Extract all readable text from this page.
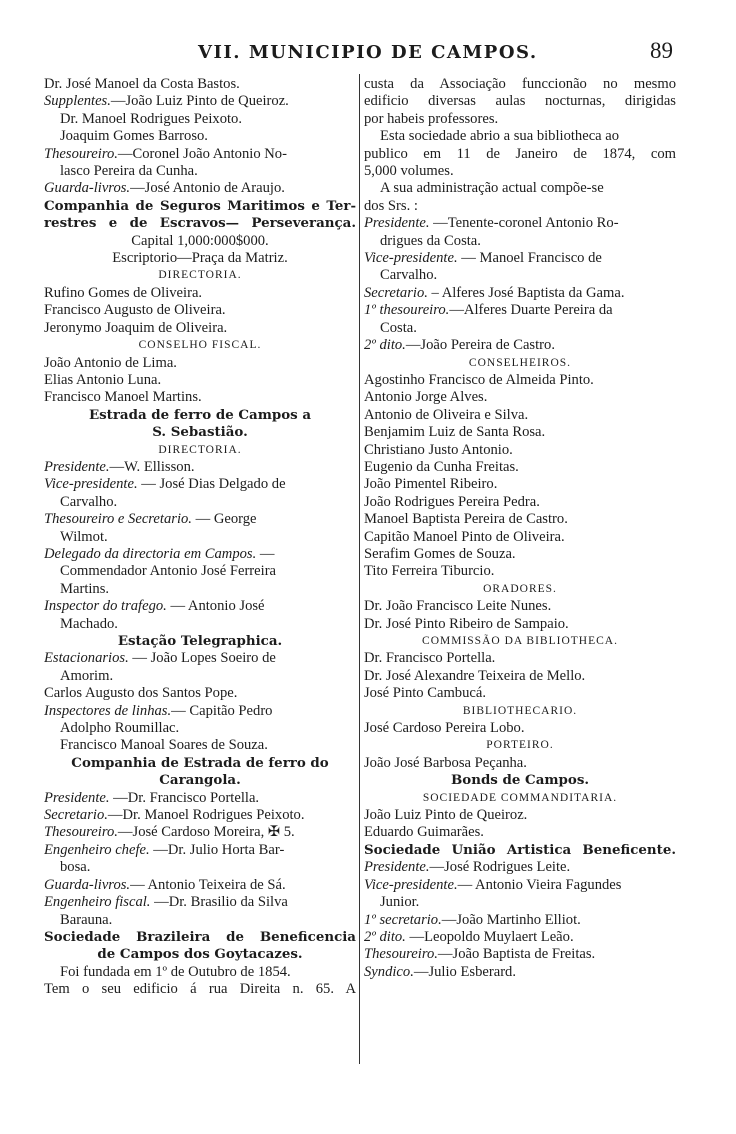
VII. MUNICIPIO DE CAMPOS.	89
Dr. José Manoel da Costa Bastos.
Supplentes.—João Luiz Pinto de Queiroz.
Dr. Manoel Rodrigues Peixoto.
Joaquim Gomes Barroso.
Thesoureiro.—Coronel João Antonio No-
lasco Pereira da Cunha.
Guarda-livros.—José Antonio de Araujo.
Companhia de Seguros Maritimos e Ter-
restres e de Escravos— Perseverança.
Capital 1,000:000$000.
Escriptorio—Praça da Matriz.
DIRECTORIA.
Rufino Gomes de Oliveira.
Francisco Augusto de Oliveira.
Jeronymo Joaquim de Oliveira.
CONSELHO FISCAL.
João Antonio de Lima.
Elias Antonio Luna.
Francisco Manoel Martins.
Estrada de ferro de Campos a
S. Sebastião.
DIRECTORIA.
Presidente.—W. Ellisson.
Vice-presidente. — José Dias Delgado de
Carvalho.
Thesoureiro e Secretario. — George
Wilmot.
Delegado da directoria em Campos. —
Commendador Antonio José Ferreira
Martins.
Inspector do trafego. — Antonio José
Machado.
Estação Telegraphica.
Estacionarios. — João Lopes Soeiro de
Amorim.
Carlos Augusto dos Santos Pope.
Inspectores de linhas.— Capitão Pedro
Adolpho Roumillac.
Francisco Manoal Soares de Souza.
Companhia de Estrada de ferro do
Carangola.
Presidente. —Dr. Francisco Portella.
Secretario.—Dr. Manoel Rodrigues Peixoto.
Thesoureiro.—José Cardoso Moreira, ✠ 5.
Engenheiro chefe. —Dr. Julio Horta Bar-
bosa.
Guarda-livros.— Antonio Teixeira de Sá.
Engenheiro fiscal. —Dr. Brasilio da Silva
Barauna.
Sociedade Brazileira de Beneficencia
de Campos dos Goytacazes.
Foi fundada em 1º de Outubro de 1854.
Tem o seu edificio á rua Direita n. 65. A
custa da Associação funccionão no mesmo
edificio diversas aulas nocturnas, dirigidas
por habeis professores.
Esta sociedade abrio a sua bibliotheca ao
publico em 11 de Janeiro de 1874, com
5,000 volumes.
A sua administração actual compõe-se
dos Srs. :
Presidente. —Tenente-coronel Antonio Ro-
drigues da Costa.
Vice-presidente. — Manoel Francisco de
Carvalho.
Secretario. – Alferes José Baptista da Gama.
1º thesoureiro.—Alferes Duarte Pereira da
Costa.
2º dito.—João Pereira de Castro.
CONSELHEIROS.
Agostinho Francisco de Almeida Pinto.
Antonio Jorge Alves.
Antonio de Oliveira e Silva.
Benjamim Luiz de Santa Rosa.
Christiano Justo Antonio.
Eugenio da Cunha Freitas.
João Pimentel Ribeiro.
João Rodrigues Pereira Pedra.
Manoel Baptista Pereira de Castro.
Capitão Manoel Pinto de Oliveira.
Serafim Gomes de Souza.
Tito Ferreira Tiburcio.
ORADORES.
Dr. João Francisco Leite Nunes.
Dr. José Pinto Ribeiro de Sampaio.
COMMISSÃO DA BIBLIOTHECA.
Dr. Francisco Portella.
Dr. José Alexandre Teixeira de Mello.
José Pinto Cambucá.
BIBLIOTHECARIO.
José Cardoso Pereira Lobo.
PORTEIRO.
João José Barbosa Peçanha.
Bonds de Campos.
SOCIEDADE COMMANDITARIA.
João Luiz Pinto de Queiroz.
Eduardo Guimarães.
Sociedade União Artistica Beneficente.
Presidente.—José Rodrigues Leite.
Vice-presidente.— Antonio Vieira Fagundes
Junior.
1º secretario.—João Martinho Elliot.
2º dito. —Leopoldo Muylaert Leão.
Thesoureiro.—João Baptista de Freitas.
Syndico.—Julio Esberard.
